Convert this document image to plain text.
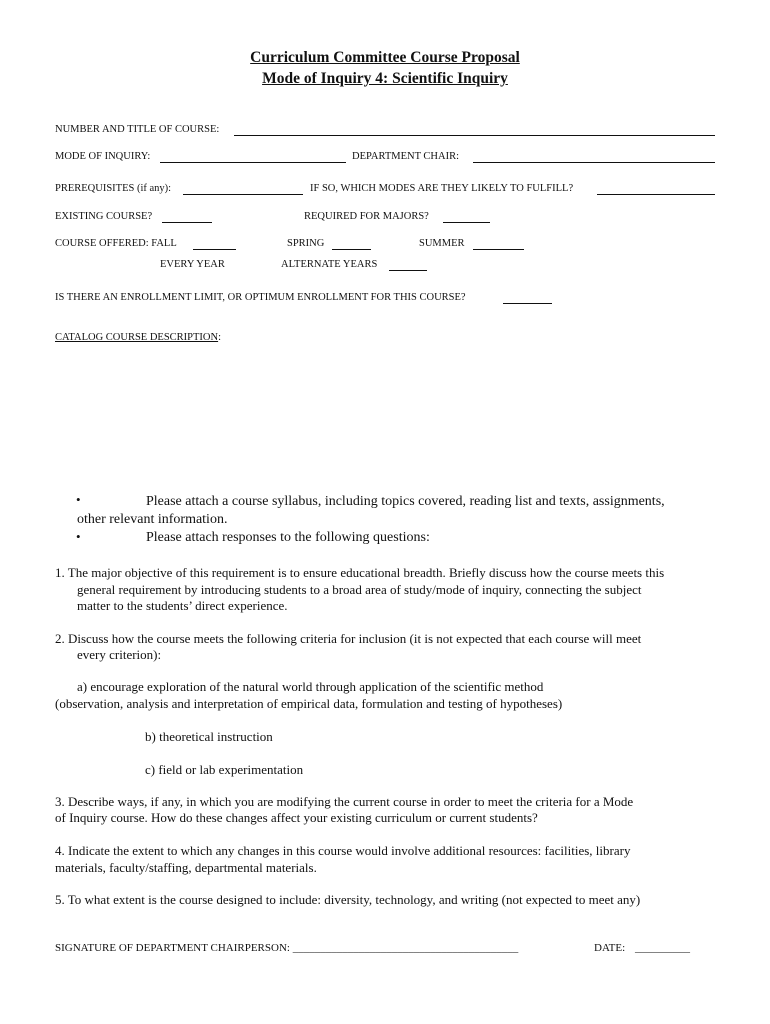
Curriculum Committee Course Proposal
Mode of Inquiry 4: Scientific Inquiry
NUMBER AND TITLE OF COURSE:
MODE OF INQUIRY:	DEPARTMENT CHAIR:
PREREQUISITES (if any):	IF SO, WHICH MODES ARE THEY LIKELY TO FULFILL?
EXISTING COURSE?	REQUIRED FOR MAJORS?
COURSE OFFERED: FALL	SPRING	SUMMER
EVERY YEAR	ALTERNATE YEARS
IS THERE AN ENROLLMENT LIMIT, OR OPTIMUM ENROLLMENT FOR THIS COURSE?
CATALOG COURSE DESCRIPTION:
•	Please attach a course syllabus, including topics covered, reading list and texts, assignments,
other relevant information.
•	Please attach responses to the following questions:
1. The major objective of this requirement is to ensure educational breadth. Briefly discuss how the course meets this
general requirement by introducing students to a broad area of study/mode of inquiry, connecting the subject
matter to the students’ direct experience.
2. Discuss how the course meets the following criteria for inclusion (it is not expected that each course will meet
every criterion):
a) encourage exploration of the natural world through application of the scientific method
(observation, analysis and interpretation of empirical data, formulation and testing of hypotheses)
b) theoretical instruction
c) field or lab experimentation
3. Describe ways, if any, in which you are modifying the current course in order to meet the criteria for a Mode
of Inquiry course. How do these changes affect your existing curriculum or current students?
4. Indicate the extent to which any changes in this course would involve additional resources: facilities, library
materials, faculty/staffing, departmental materials.
5. To what extent is the course designed to include: diversity, technology, and writing (not expected to meet any)
SIGNATURE OF DEPARTMENT CHAIRPERSON: _________________________________________	DATE: __________
